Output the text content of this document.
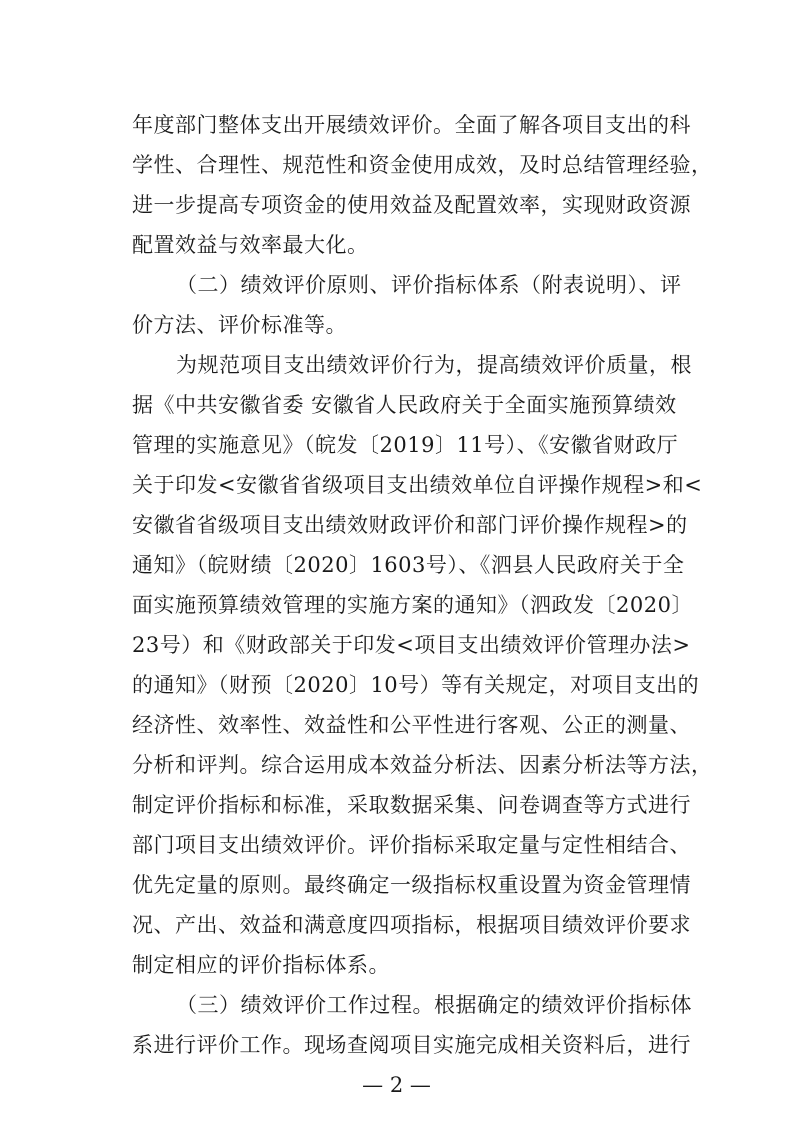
年度部门整体支出开展绩效评价。全面了解各项目支出的科
学性、合理性、规范性和资金使用成效，及时总结管理经验，
进一步提高专项资金的使用效益及配置效率，实现财政资源
配置效益与效率最大化。
（二）绩效评价原则、评价指标体系（附表说明）、评
价方法、评价标准等。
为规范项目支出绩效评价行为，提高绩效评价质量，根
据《中共安徽省委 安徽省人民政府关于全面实施预算绩效
管理的实施意见》（皖发〔2019〕11号）、《安徽省财政厅
关于印发<安徽省省级项目支出绩效单位自评操作规程>和<
安徽省省级项目支出绩效财政评价和部门评价操作规程>的
通知》（皖财绩〔2020〕1603号）、《泗县人民政府关于全
面实施预算绩效管理的实施方案的通知》（泗政发〔2020〕
23号）和《财政部关于印发<项目支出绩效评价管理办法>
的通知》（财预〔2020〕10号）等有关规定，对项目支出的
经济性、效率性、效益性和公平性进行客观、公正的测量、
分析和评判。综合运用成本效益分析法、因素分析法等方法，
制定评价指标和标准，采取数据采集、问卷调查等方式进行
部门项目支出绩效评价。评价指标采取定量与定性相结合、
优先定量的原则。最终确定一级指标权重设置为资金管理情
况、产出、效益和满意度四项指标，根据项目绩效评价要求
制定相应的评价指标体系。
（三）绩效评价工作过程。根据确定的绩效评价指标体
系进行评价工作。现场查阅项目实施完成相关资料后，进行
— 2 —
